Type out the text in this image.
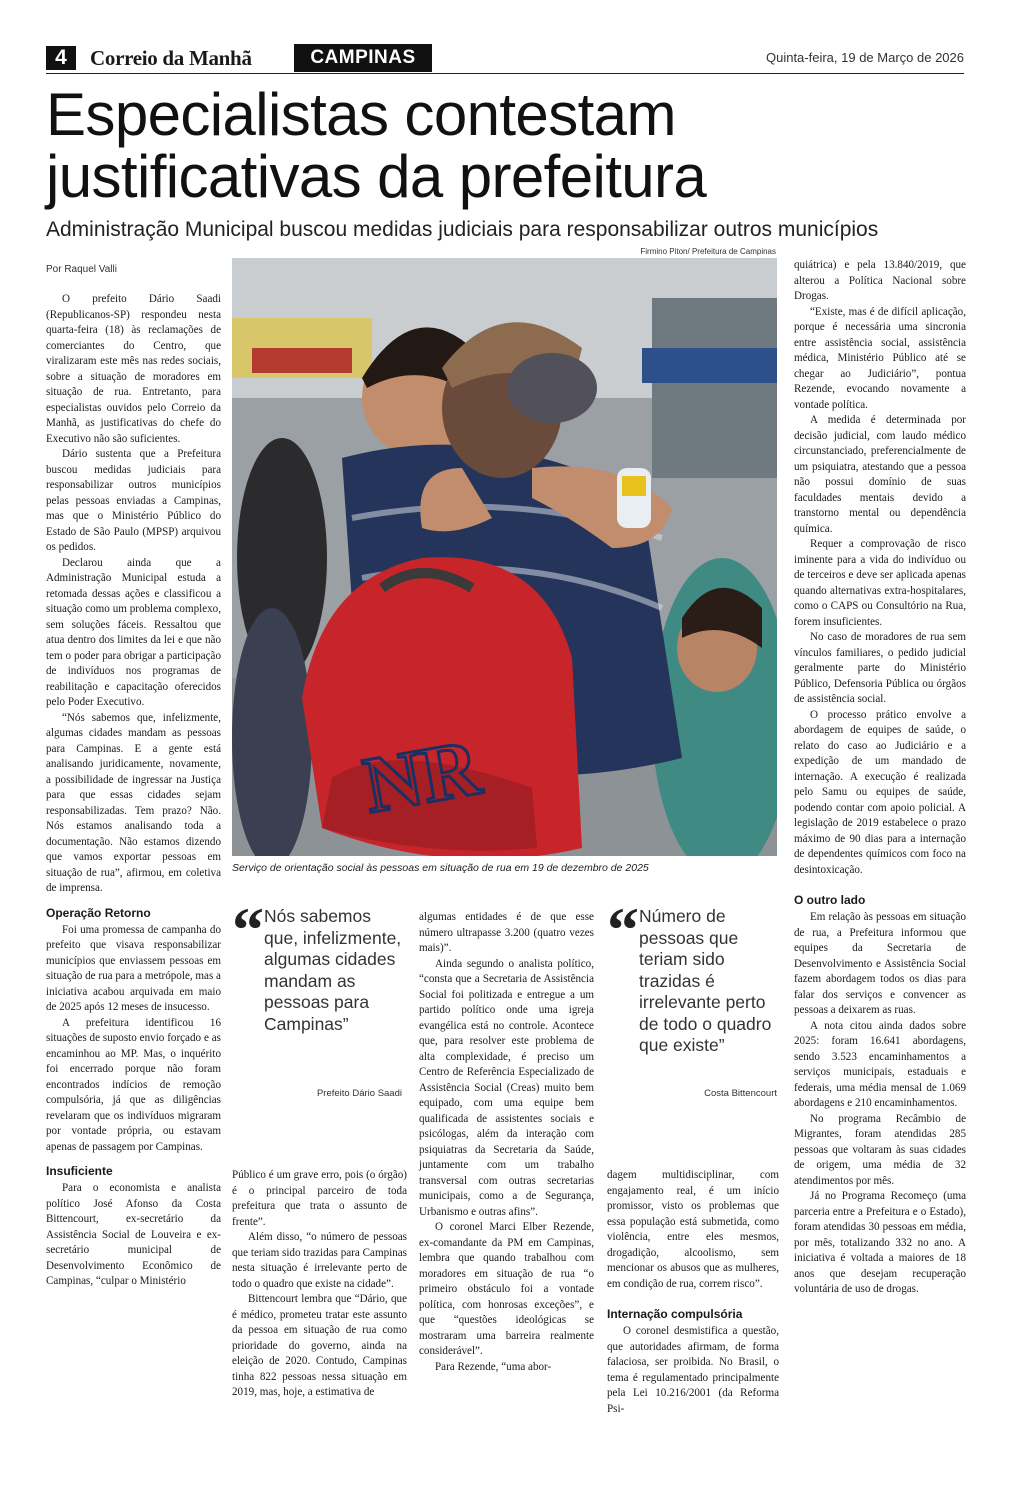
4	Correio da Manhã	CAMPINAS	Quinta-feira, 19 de Março de 2026
Especialistas contestam justificativas da prefeitura
Administração Municipal buscou medidas judiciais para responsabilizar outros municípios
Por Raquel Valli
Firmino Piton/ Prefeitura de Campinas
NR
Serviço de orientação social às pessoas em situação de rua em 19 de dezembro de 2025

O prefeito Dário Saadi (Republicanos-SP) respondeu nesta quarta-feira (18) às reclamações de comerciantes do Centro, que viralizaram este mês nas redes sociais, sobre a situação de moradores em situação de rua. Entretanto, para especialistas ouvidos pelo Correio da Manhã, as justificativas do chefe do Executivo não são suficientes.

Dário sustenta que a Prefeitura buscou medidas judiciais para responsabilizar outros municípios pelas pessoas enviadas a Campinas, mas que o Ministério Público do Estado de São Paulo (MPSP) arquivou os pedidos.

Declarou ainda que a Administração Municipal estuda a retomada dessas ações e classificou a situação como um problema complexo, sem soluções fáceis. Ressaltou que atua dentro dos limites da lei e que não tem o poder para obrigar a participação de indivíduos nos programas de reabilitação e capacitação oferecidos pelo Poder Executivo.

“Nós sabemos que, infelizmente, algumas cidades mandam as pessoas para Campinas. E a gente está analisando juridicamente, novamente, a possibilidade de ingressar na Justiça para que essas cidades sejam responsabilizadas. Tem prazo? Não. Nós estamos analisando toda a documentação. Não estamos dizendo que vamos exportar pessoas em situação de rua”, afirmou, em coletiva de imprensa.

Operação Retorno

Foi uma promessa de campanha do prefeito que visava responsabilizar municípios que enviassem pessoas em situação de rua para a metrópole, mas a iniciativa acabou arquivada em maio de 2025 após 12 meses de insucesso.

A prefeitura identificou 16 situações de suposto envio forçado e as encaminhou ao MP. Mas, o inquérito foi encerrado porque não foram encontrados indícios de remoção compulsória, já que as diligências revelaram que os indivíduos migraram por vontade própria, ou estavam apenas de passagem por Campinas.

Insuficiente

Para o economista e analista político José Afonso da Costa Bittencourt, ex-secretário da Assistência Social de Louveira e ex-secretário municipal de Desenvolvimento Econômico de Campinas, “culpar o Ministério

“ Nós sabemos que, infelizmente, algumas cidades mandam as pessoas para Campinas”
Prefeito Dário Saadi

Público é um grave erro, pois (o órgão) é o principal parceiro de toda prefeitura que trata o assunto de frente”.

Além disso, “o número de pessoas que teriam sido trazidas para Campinas nesta situação é irrelevante perto de todo o quadro que existe na cidade”.

Bittencourt lembra que “Dário, que é médico, prometeu tratar este assunto da pessoa em situação de rua como prioridade do governo, ainda na eleição de 2020. Contudo, Campinas tinha 822 pessoas nessa situação em 2019, mas, hoje, a estimativa de

algumas entidades é de que esse número ultrapasse 3.200 (quatro vezes mais)”.

Ainda segundo o analista político, “consta que a Secretaria de Assistência Social foi politizada e entregue a um partido político onde uma igreja evangélica está no controle. Acontece que, para resolver este problema de alta complexidade, é preciso um Centro de Referência Especializado de Assistência Social (Creas) muito bem equipado, com uma equipe bem qualificada de assistentes sociais e psicólogas, além da interação com psiquiatras da Secretaria da Saúde, juntamente com um trabalho transversal com outras secretarias municipais, como a de Segurança, Urbanismo e outras afins”.

O coronel Marci Elber Rezende, ex-comandante da PM em Campinas, lembra que quando trabalhou com moradores em situação de rua “o primeiro obstáculo foi a vontade política, com honrosas exceções”, e que “questões ideológicas se mostraram uma barreira realmente considerável”.

Para Rezende, “uma abor-

“ Número de pessoas que teriam sido trazidas é irrelevante perto de todo o quadro que existe”
Costa Bittencourt

dagem multidisciplinar, com engajamento real, é um início promissor, visto os problemas que essa população está submetida, como violência, entre eles mesmos, drogadição, alcoolismo, sem mencionar os abusos que as mulheres, em condição de rua, correm risco”.

Internação compulsória

O coronel desmistifica a questão, que autoridades afirmam, de forma falaciosa, ser proibida. No Brasil, o tema é regulamentado principalmente pela Lei 10.216/2001 (da Reforma Psi-

quiátrica) e pela 13.840/2019, que alterou a Política Nacional sobre Drogas.

“Existe, mas é de difícil aplicação, porque é necessária uma sincronia entre assistência social, assistência médica, Ministério Público até se chegar ao Judiciário”, pontua Rezende, evocando novamente a vontade política.

A medida é determinada por decisão judicial, com laudo médico circunstanciado, preferencialmente de um psiquiatra, atestando que a pessoa não possui domínio de suas faculdades mentais devido a transtorno mental ou dependência química.

Requer a comprovação de risco iminente para a vida do indivíduo ou de terceiros e deve ser aplicada apenas quando alternativas extra-hospitalares, como o CAPS ou Consultório na Rua, forem insuficientes.

No caso de moradores de rua sem vínculos familiares, o pedido judicial geralmente parte do Ministério Público, Defensoria Pública ou órgãos de assistência social.

O processo prático envolve a abordagem de equipes de saúde, o relato do caso ao Judiciário e a expedição de um mandado de internação. A execução é realizada pelo Samu ou equipes de saúde, podendo contar com apoio policial. A legislação de 2019 estabelece o prazo máximo de 90 dias para a internação de dependentes químicos com foco na desintoxicação.

O outro lado

Em relação às pessoas em situação de rua, a Prefeitura informou que equipes da Secretaria de Desenvolvimento e Assistência Social fazem abordagem todos os dias para falar dos serviços e convencer as pessoas a deixarem as ruas.

A nota citou ainda dados sobre 2025: foram 16.641 abordagens, sendo 3.523 encaminhamentos a serviços municipais, estaduais e federais, uma média mensal de 1.069 abordagens e 210 encaminhamentos.

No programa Recâmbio de Migrantes, foram atendidas 285 pessoas que voltaram às suas cidades de origem, uma média de 32 atendimentos por mês.

Já no Programa Recomeço (uma parceria entre a Prefeitura e o Estado), foram atendidas 30 pessoas em média, por mês, totalizando 332 no ano. A iniciativa é voltada a maiores de 18 anos que desejam recuperação voluntária de uso de drogas.
